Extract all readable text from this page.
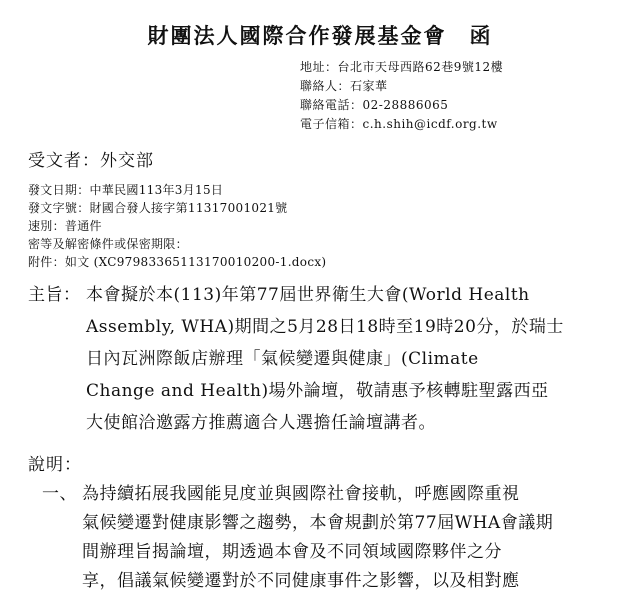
財團法人國際合作發展基金會　函
地址：台北市天母西路62巷9號12樓
聯絡人：石家華
聯絡電話：02-28886065
電子信箱：c.h.shih@icdf.org.tw
受文者：外交部
發文日期：中華民國113年3月15日
發文字號：財國合發人接字第11317001021號
速別：普通件
密等及解密條件或保密期限：
附件：如文 (XC97983365113170010200-1.docx)
主旨： 本會擬於本(113)年第77屆世界衛生大會(World Health
Assembly, WHA)期間之5月28日18時至19時20分，於瑞士
日內瓦洲際飯店辦理「氣候變遷與健康」(Climate
Change and Health)場外論壇，敬請惠予核轉駐聖露西亞
大使館洽邀露方推薦適合人選擔任論壇講者。
說明：
一、 為持續拓展我國能見度並與國際社會接軌，呼應國際重視
氣候變遷對健康影響之趨勢，本會規劃於第77屆WHA會議期
間辦理旨揭論壇，期透過本會及不同領域國際夥伴之分
享，倡議氣候變遷對於不同健康事件之影響，以及相對應
